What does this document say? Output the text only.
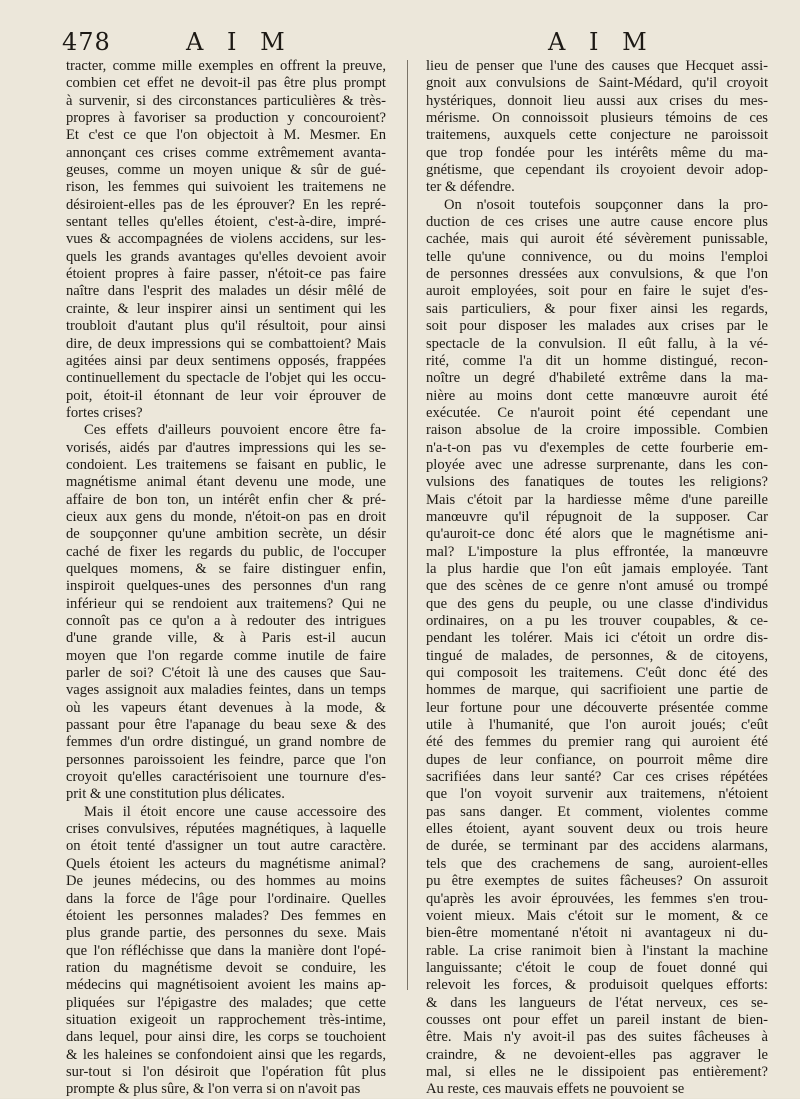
478	A I M	A I M
tracter, comme mille exemples en offrent la preuve,
combien cet effet ne devoit-il pas être plus prompt
à survenir, si des circonstances particulières & très-
propres à favoriser sa production y concouroient?
Et c'est ce que l'on objectoit à M. Mesmer. En
annonçant ces crises comme extrêmement avanta-
geuses, comme un moyen unique & sûr de gué-
rison, les femmes qui suivoient les traitemens ne
désiroient-elles pas de les éprouver? En les repré-
sentant telles qu'elles étoient, c'est-à-dire, impré-
vues & accompagnées de violens accidens, sur les-
quels les grands avantages qu'elles devoient avoir
étoient propres à faire passer, n'étoit-ce pas faire
naître dans l'esprit des malades un désir mêlé de
crainte, & leur inspirer ainsi un sentiment qui les
troubloit d'autant plus qu'il résultoit, pour ainsi
dire, de deux impressions qui se combattoient? Mais
agitées ainsi par deux sentimens opposés, frappées
continuellement du spectacle de l'objet qui les occu-
poit, étoit-il étonnant de leur voir éprouver de
fortes crises?
Ces effets d'ailleurs pouvoient encore être fa-
vorisés, aidés par d'autres impressions qui les se-
condoient. Les traitemens se faisant en public, le
magnétisme animal étant devenu une mode, une
affaire de bon ton, un intérêt enfin cher & pré-
cieux aux gens du monde, n'étoit-on pas en droit
de soupçonner qu'une ambition secrète, un désir
caché de fixer les regards du public, de l'occuper
quelques momens, & se faire distinguer enfin,
inspiroit quelques-unes des personnes d'un rang
inférieur qui se rendoient aux traitemens? Qui ne
connoît pas ce qu'on a à redouter des intrigues
d'une grande ville, & à Paris est-il aucun
moyen que l'on regarde comme inutile de faire
parler de soi? C'étoit là une des causes que Sau-
vages assignoit aux maladies feintes, dans un temps
où les vapeurs étant devenues à la mode, &
passant pour être l'apanage du beau sexe & des
femmes d'un ordre distingué, un grand nombre de
personnes paroissoient les feindre, parce que l'on
croyoit qu'elles caractérisoient une tournure d'es-
prit & une constitution plus délicates.
Mais il étoit encore une cause accessoire des
crises convulsives, réputées magnétiques, à laquelle
on étoit tenté d'assigner un tout autre caractère.
Quels étoient les acteurs du magnétisme animal?
De jeunes médecins, ou des hommes au moins
dans la force de l'âge pour l'ordinaire. Quelles
étoient les personnes malades? Des femmes en
plus grande partie, des personnes du sexe. Mais
que l'on réfléchisse que dans la manière dont l'opé-
ration du magnétisme devoit se conduire, les
médecins qui magnétisoient avoient les mains ap-
pliquées sur l'épigastre des malades; que cette
situation exigeoit un rapprochement très-intime,
dans lequel, pour ainsi dire, les corps se touchoient
& les haleines se confondoient ainsi que les regards,
sur-tout si l'on désiroit que l'opération fût plus
prompte & plus sûre, & l'on verra si on n'avoit pas
lieu de penser que l'une des causes que Hecquet assi-
gnoit aux convulsions de Saint-Médard, qu'il croyoit
hystériques, donnoit lieu aussi aux crises du mes-
mérisme. On connoissoit plusieurs témoins de ces
traitemens, auxquels cette conjecture ne paroissoit
que trop fondée pour les intérêts même du ma-
gnétisme, que cependant ils croyoient devoir adop-
ter & défendre.
On n'osoit toutefois soupçonner dans la pro-
duction de ces crises une autre cause encore plus
cachée, mais qui auroit été sévèrement punissable,
telle qu'une connivence, ou du moins l'emploi
de personnes dressées aux convulsions, & que l'on
auroit employées, soit pour en faire le sujet d'es-
sais particuliers, & pour fixer ainsi les regards,
soit pour disposer les malades aux crises par le
spectacle de la convulsion. Il eût fallu, à la vé-
rité, comme l'a dit un homme distingué, recon-
noître un degré d'habileté extrême dans la ma-
nière au moins dont cette manœuvre auroit été
exécutée. Ce n'auroit point été cependant une
raison absolue de la croire impossible. Combien
n'a-t-on pas vu d'exemples de cette fourberie em-
ployée avec une adresse surprenante, dans les con-
vulsions des fanatiques de toutes les religions?
Mais c'étoit par la hardiesse même d'une pareille
manœuvre qu'il répugnoit de la supposer. Car
qu'auroit-ce donc été alors que le magnétisme ani-
mal? L'imposture la plus effrontée, la manœuvre
la plus hardie que l'on eût jamais employée. Tant
que des scènes de ce genre n'ont amusé ou trompé
que des gens du peuple, ou une classe d'individus
ordinaires, on a pu les trouver coupables, & ce-
pendant les tolérer. Mais ici c'étoit un ordre dis-
tingué de malades, de personnes, & de citoyens,
qui composoit les traitemens. C'eût donc été des
hommes de marque, qui sacrifioient une partie de
leur fortune pour une découverte présentée comme
utile à l'humanité, que l'on auroit joués; c'eût
été des femmes du premier rang qui auroient été
dupes de leur confiance, on pourroit même dire
sacrifiées dans leur santé? Car ces crises répétées
que l'on voyoit survenir aux traitemens, n'étoient
pas sans danger. Et comment, violentes comme
elles étoient, ayant souvent deux ou trois heure
de durée, se terminant par des accidens alarmans,
tels que des crachemens de sang, auroient-elles
pu être exemptes de suites fâcheuses? On assuroit
qu'après les avoir éprouvées, les femmes s'en trou-
voient mieux. Mais c'étoit sur le moment, & ce
bien-être momentané n'étoit ni avantageux ni du-
rable. La crise ranimoit bien à l'instant la machine
languissante; c'étoit le coup de fouet donné qui
relevoit les forces, & produisoit quelques efforts:
& dans les langueurs de l'état nerveux, ces se-
cousses ont pour effet un pareil instant de bien-
être. Mais n'y avoit-il pas des suites fâcheuses à
craindre, & ne devoient-elles pas aggraver le
mal, si elles ne le dissipoient pas entièrement?
Au reste, ces mauvais effets ne pouvoient se
